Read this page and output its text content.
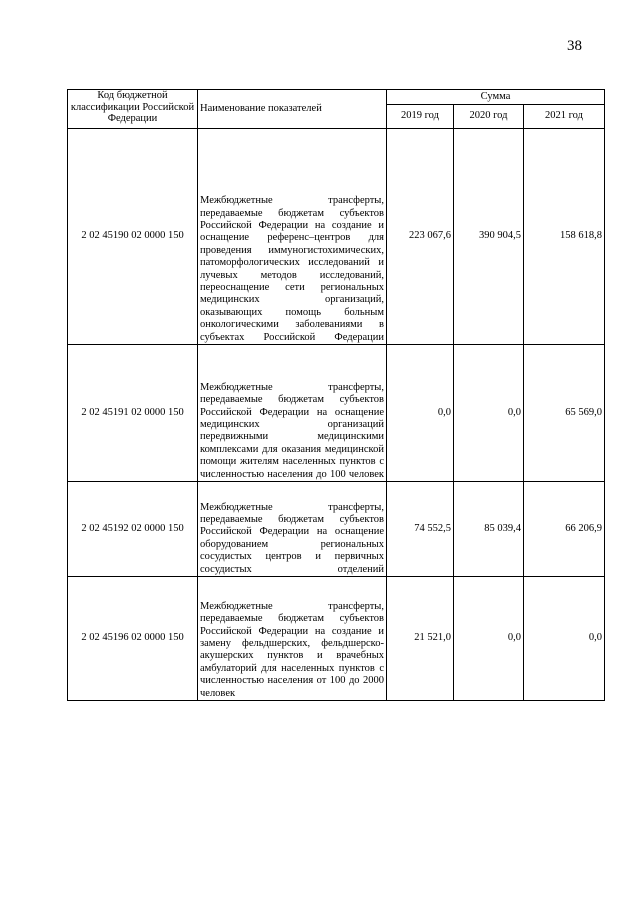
38
Код бюджетной классификации Российской Федерации	Наименование показателей	Сумма		
		2019 год	2020 год	2021 год
2 02 45190 02 0000 150	Межбюджетные трансферты, передаваемые бюджетам субъектов Российской Федерации на создание и оснащение референс–центров для проведения иммуногистохимических, патоморфологических исследований и лучевых методов исследований, переоснащение сети региональных медицинских организаций, оказывающих помощь больным онкологическими заболеваниями в субъектах Российской Федерации	223 067,6	390 904,5	158 618,8
2 02 45191 02 0000 150	Межбюджетные трансферты, передаваемые бюджетам субъектов Российской Федерации на оснащение медицинских организаций передвижными медицинскими комплексами для оказания медицинской помощи жителям населенных пунктов с численностью населения до 100 человек	0,0	0,0	65 569,0
2 02 45192 02 0000 150	Межбюджетные трансферты, передаваемые бюджетам субъектов Российской Федерации на оснащение оборудованием региональных сосудистых центров и первичных сосудистых отделений	74 552,5	85 039,4	66 206,9
2 02 45196 02 0000 150	Межбюджетные трансферты, передаваемые бюджетам субъектов Российской Федерации на создание и замену фельдшерских, фельдшерско-акушерских пунктов и врачебных амбулаторий для населенных пунктов с численностью населения от 100 до 2000 человек	21 521,0	0,0	0,0
